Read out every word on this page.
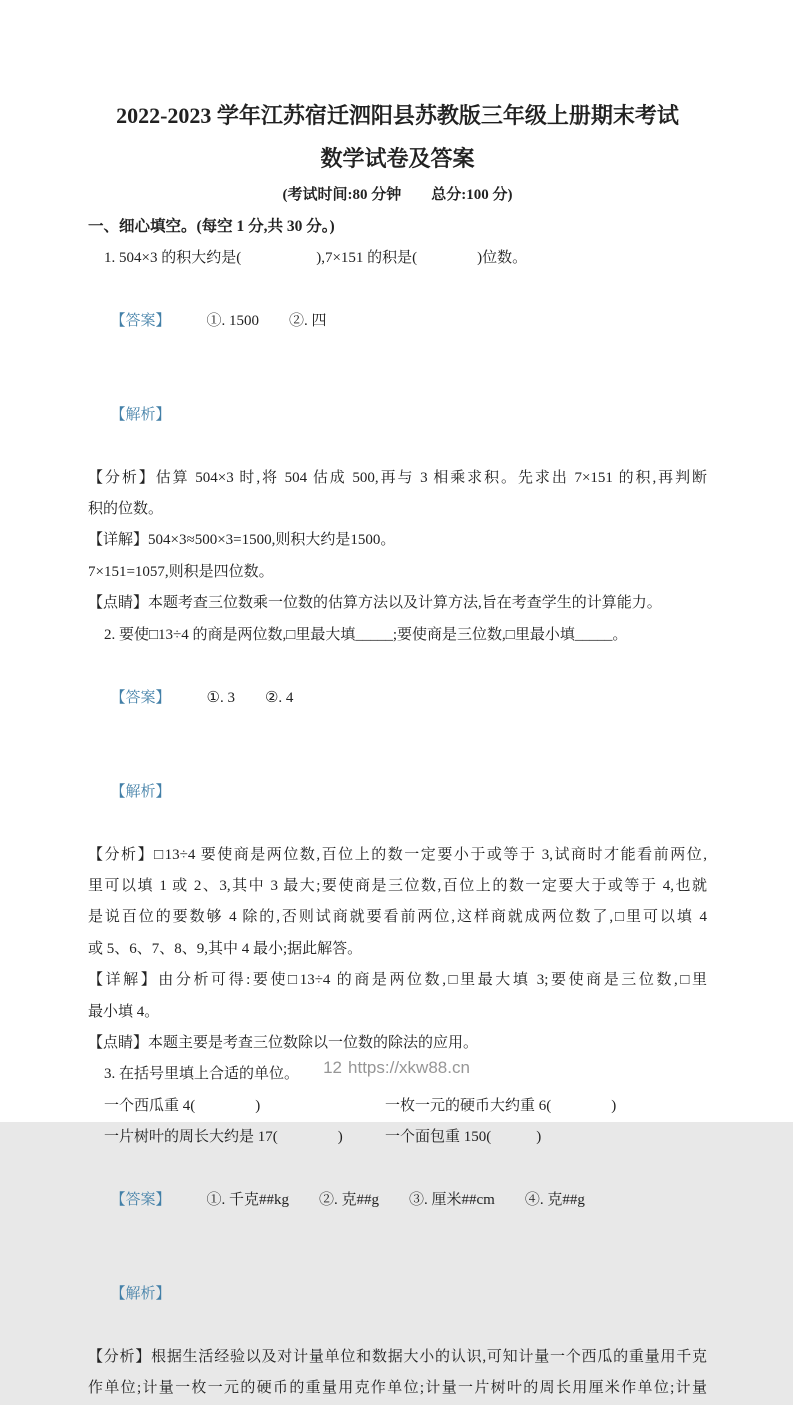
2022-2023 学年江苏宿迁泗阳县苏教版三年级上册期末考试
数学试卷及答案
(考试时间:80 分钟　　总分:100 分)
一、细心填空。(每空 1 分,共 30 分。)
1. 504×3 的积大约是(　　　　　),7×151 的积是(　　　　)位数。

【答案】 ①. 1500　　②. 四

【解析】

【分析】估算 504×3 时,将 504 估成 500,再与 3 相乘求积。先求出 7×151 的积,再判断
积的位数。
【详解】504×3≈500×3=1500,则积大约是1500。
7×151=1057,则积是四位数。
【点睛】本题考查三位数乘一位数的估算方法以及计算方法,旨在考查学生的计算能力。
2. 要使□13÷4 的商是两位数,□里最大填_____;要使商是三位数,□里最小填_____。

【答案】 ①. 3　　②. 4

【解析】

【分析】□13÷4 要使商是两位数,百位上的数一定要小于或等于 3,试商时才能看前两位,
里可以填 1 或 2、3,其中 3 最大;要使商是三位数,百位上的数一定要大于或等于 4,也就
是说百位的要数够 4 除的,否则试商就要看前两位,这样商就成两位数了,□里可以填 4
或 5、6、7、8、9,其中 4 最小;据此解答。
【详解】由分析可得:要使□13÷4 的商是两位数,□里最大填 3;要使商是三位数,□里
最小填 4。
【点睛】本题主要是考查三位数除以一位数的除法的应用。
3. 在括号里填上合适的单位。
一个西瓜重 4(　　　　)	一枚一元的硬币大约重 6(　　　　)
一片树叶的周长大约是 17(　　　　)	一个面包重 150(　　　)

【答案】 ①. 千克##kg　　②. 克##g　　③. 厘米##cm　　④. 克##g

【解析】

【分析】根据生活经验以及对计量单位和数据大小的认识,可知计量一个西瓜的重量用千克
作单位;计量一枚一元的硬币的重量用克作单位;计量一片树叶的周长用厘米作单位;计量
12 https://xkw88.cn
